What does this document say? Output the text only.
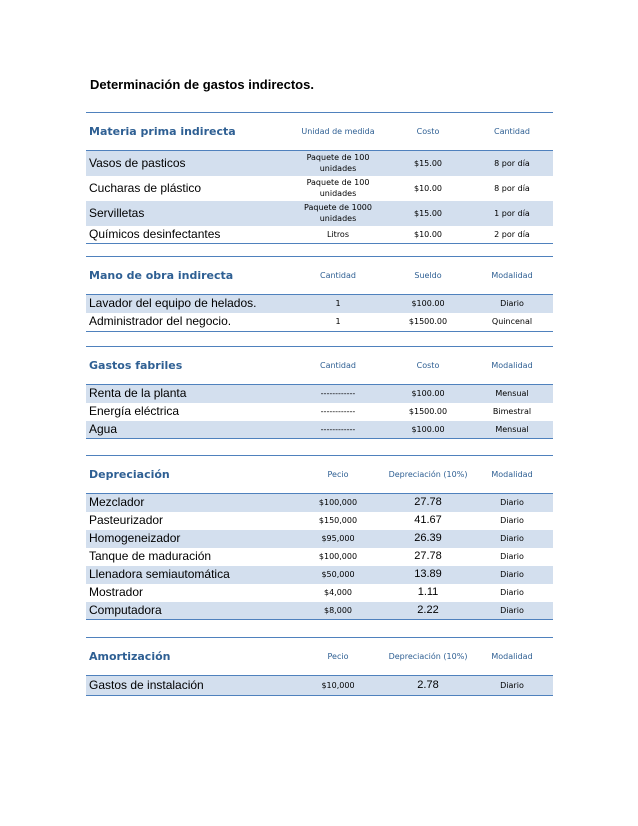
Determinación de gastos indirectos.
Materia prima indirecta	Unidad de medida	Costo	Cantidad
Vasos de pasticos	Paquete de 100 unidades	$15.00	8 por día
Cucharas de plástico	Paquete de 100 unidades	$10.00	8 por día
Servilletas	Paquete de 1000 unidades	$15.00	1 por día
Químicos desinfectantes	Litros	$10.00	2 por día
Mano de obra indirecta	Cantidad	Sueldo	Modalidad
Lavador del equipo de helados.	1	$100.00	Diario
Administrador del negocio.	1	$1500.00	Quincenal
Gastos fabriles	Cantidad	Costo	Modalidad
Renta de la planta	------------	$100.00	Mensual
Energía eléctrica	------------	$1500.00	Bimestral
Agua	------------	$100.00	Mensual
Depreciación	Pecio	Depreciación (10%)	Modalidad
Mezclador	$100,000	27.78	Diario
Pasteurizador	$150,000	41.67	Diario
Homogeneizador	$95,000	26.39	Diario
Tanque de maduración	$100,000	27.78	Diario
Llenadora semiautomática	$50,000	13.89	Diario
Mostrador	$4,000	1.11	Diario
Computadora	$8,000	2.22	Diario
Amortización	Pecio	Depreciación (10%)	Modalidad
Gastos de instalación	$10,000	2.78	Diario
